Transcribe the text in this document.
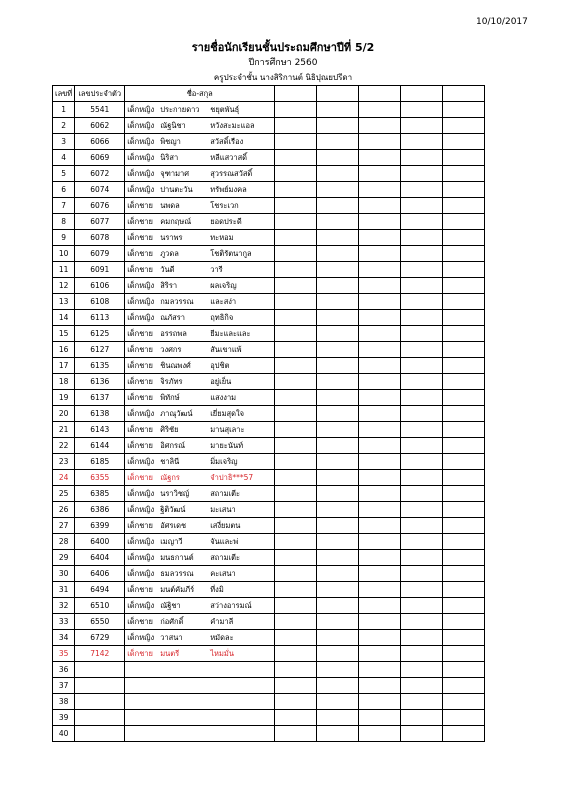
10/10/2017
รายชื่อนักเรียนชั้นประถมศึกษาปีที่ 5/2
ปีการศึกษา 2560
ครูประจำชั้น นางสิริกานต์ นิธิปุณยปรีดา
เลขที่	เลขประจำตัว	ชื่อ-สกุล					
1	5541	เด็กหญิง ประกายดาว ชยุตพันธุ์					
2	6062	เด็กหญิง ณัฐนิชา หวังสะมะแอล					
3	6066	เด็กหญิง พิชญา สวัสดิ์เรือง					
4	6069	เด็กหญิง นิริสา หลีแสวาสดิ์					
5	6072	เด็กหญิง จุฑามาศ สุวรรณสวัสดิ์					
6	6074	เด็กหญิง ปานตะวัน ทรัพย์มงคล					
7	6076	เด็กชาย นพดล โชระเวก					
8	6077	เด็กชาย คมกฤษณ์ ยอดประดี					
9	6078	เด็กชาย นราพร ทะหอม					
10	6079	เด็กชาย ภูวดล โชติรัตนากูล					
11	6091	เด็กชาย วันดี วารี					
12	6106	เด็กหญิง สิริรา ผลเจริญ					
13	6108	เด็กหญิง กมลวรรณ และสง่า					
14	6113	เด็กหญิง ณภัสรา ฤทธิกิจ					
15	6125	เด็กชาย อรรถพล ยีมะและและ					
16	6127	เด็กชาย วงศกร สันเขาแพ้					
17	6135	เด็กชาย ชินณพงศ์ อุปชิต					
18	6136	เด็กชาย จิรภัทร อยู่เย็น					
19	6137	เด็กชาย พิทักษ์ แสงงาม					
20	6138	เด็กหญิง ภาณุวัฒน์ เยี่ยมสุดใจ					
21	6143	เด็กชาย ศิริชัย มานสุเลาะ					
22	6144	เด็กชาย อิศกรณ์ มายะนันท์					
23	6185	เด็กหญิง ชาลินี มิ่มเจริญ					
24	6355	เด็กชาย ณัฐกร จำปาธิ***57					
25	6385	เด็กหญิง นราวิชญ์ สถามเตีะ					
26	6386	เด็กหญิง ฐิติวัฒน์ มะเสนา					
27	6399	เด็กชาย อัศรเดช เสงี่ยมตน					
28	6400	เด็กหญิง เมญาวี จันและพ่					
29	6404	เด็กหญิง มนธกานต์ สถามเตีะ					
30	6406	เด็กหญิง ธมลวรรณ คะเสนา					
31	6494	เด็กชาย มนต์คัมภีร์ ที่งมิ					
32	6510	เด็กหญิง ณัฐิชา สว่างอารมณ์					
33	6550	เด็กชาย ก่อศักดิ์ คำมาลี					
34	6729	เด็กหญิง วาสนา หมัดละ					
35	7142	เด็กชาย มนตรี ไหมมั่น					
36							
37							
38							
39							
40							
